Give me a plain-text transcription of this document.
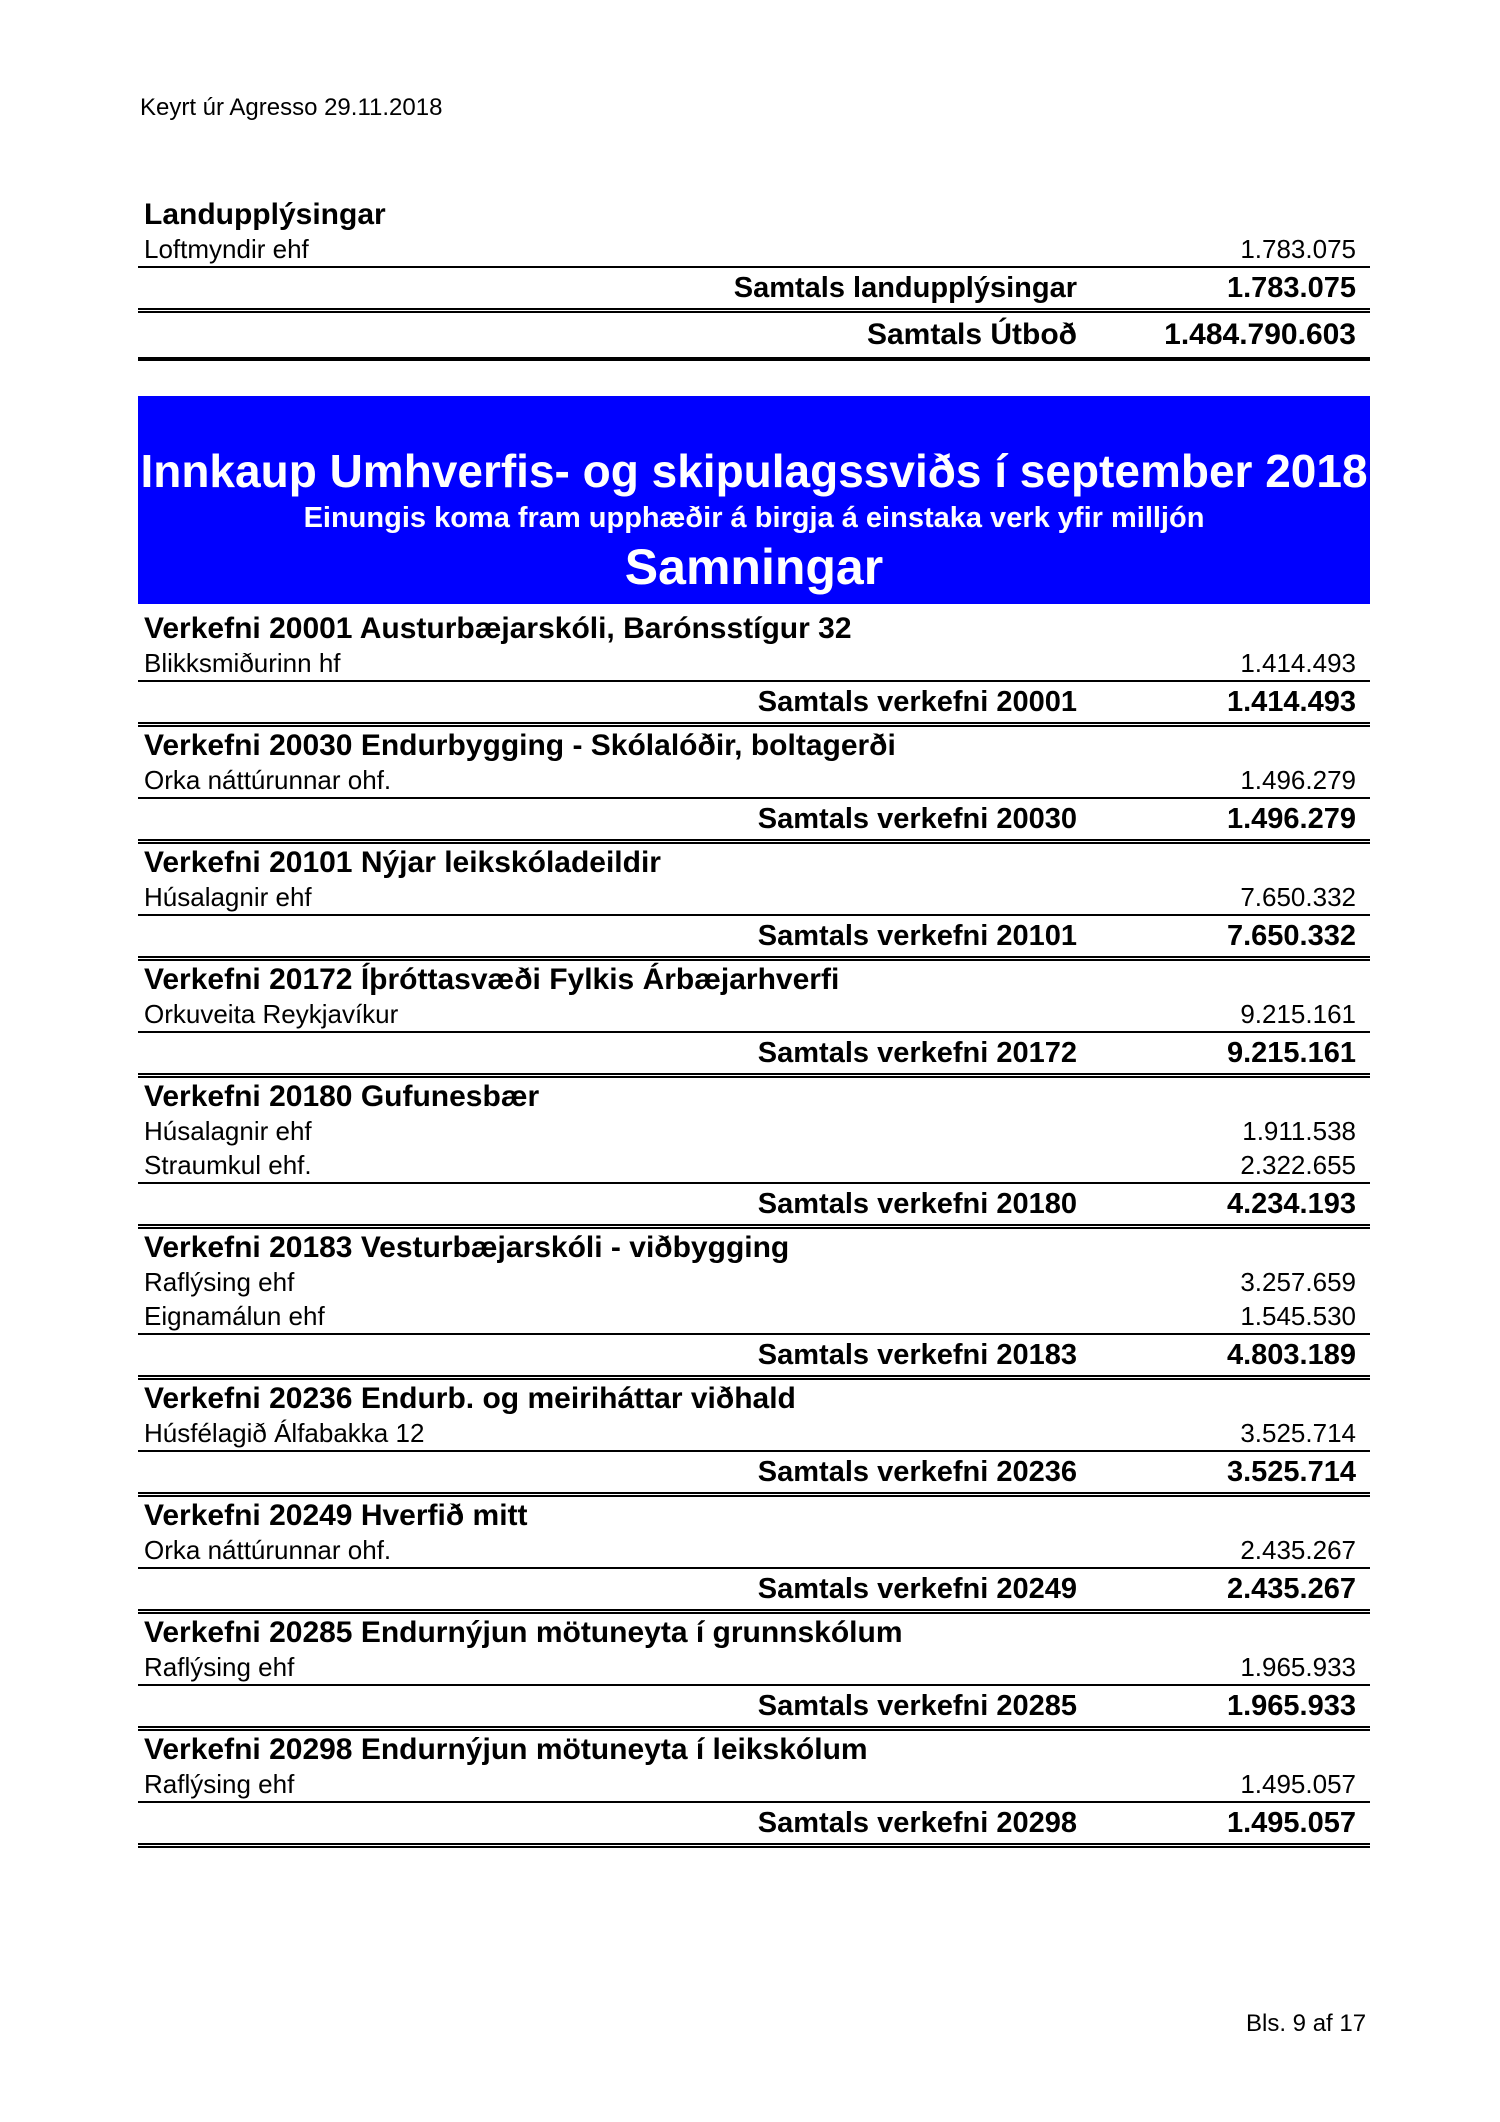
Keyrt úr Agresso 29.11.2018
Landupplýsingar
Loftmyndir ehf	1.783.075
Samtals landupplýsingar	1.783.075
Samtals Útboð	1.484.790.603
Innkaup Umhverfis- og skipulagssviðs í september 2018
Einungis koma fram upphæðir á birgja á einstaka verk yfir milljón
Samningar
Verkefni 20001 Austurbæjarskóli, Barónsstígur 32
Blikksmiðurinn hf	1.414.493
Samtals verkefni 20001	1.414.493
Verkefni 20030 Endurbygging - Skólalóðir, boltagerði
Orka náttúrunnar ohf.	1.496.279
Samtals verkefni 20030	1.496.279
Verkefni 20101 Nýjar leikskóladeildir
Húsalagnir ehf	7.650.332
Samtals verkefni 20101	7.650.332
Verkefni 20172 Íþróttasvæði Fylkis Árbæjarhverfi
Orkuveita Reykjavíkur	9.215.161
Samtals verkefni 20172	9.215.161
Verkefni 20180 Gufunesbær
Húsalagnir ehf	1.911.538
Straumkul ehf.	2.322.655
Samtals verkefni 20180	4.234.193
Verkefni 20183 Vesturbæjarskóli - viðbygging
Raflýsing ehf	3.257.659
Eignamálun ehf	1.545.530
Samtals verkefni 20183	4.803.189
Verkefni 20236 Endurb. og meiriháttar viðhald
Húsfélagið Álfabakka 12	3.525.714
Samtals verkefni 20236	3.525.714
Verkefni 20249 Hverfið mitt
Orka náttúrunnar ohf.	2.435.267
Samtals verkefni 20249	2.435.267
Verkefni 20285 Endurnýjun mötuneyta í grunnskólum
Raflýsing ehf	1.965.933
Samtals verkefni 20285	1.965.933
Verkefni 20298 Endurnýjun mötuneyta í leikskólum
Raflýsing ehf	1.495.057
Samtals verkefni 20298	1.495.057
Bls. 9 af 17
